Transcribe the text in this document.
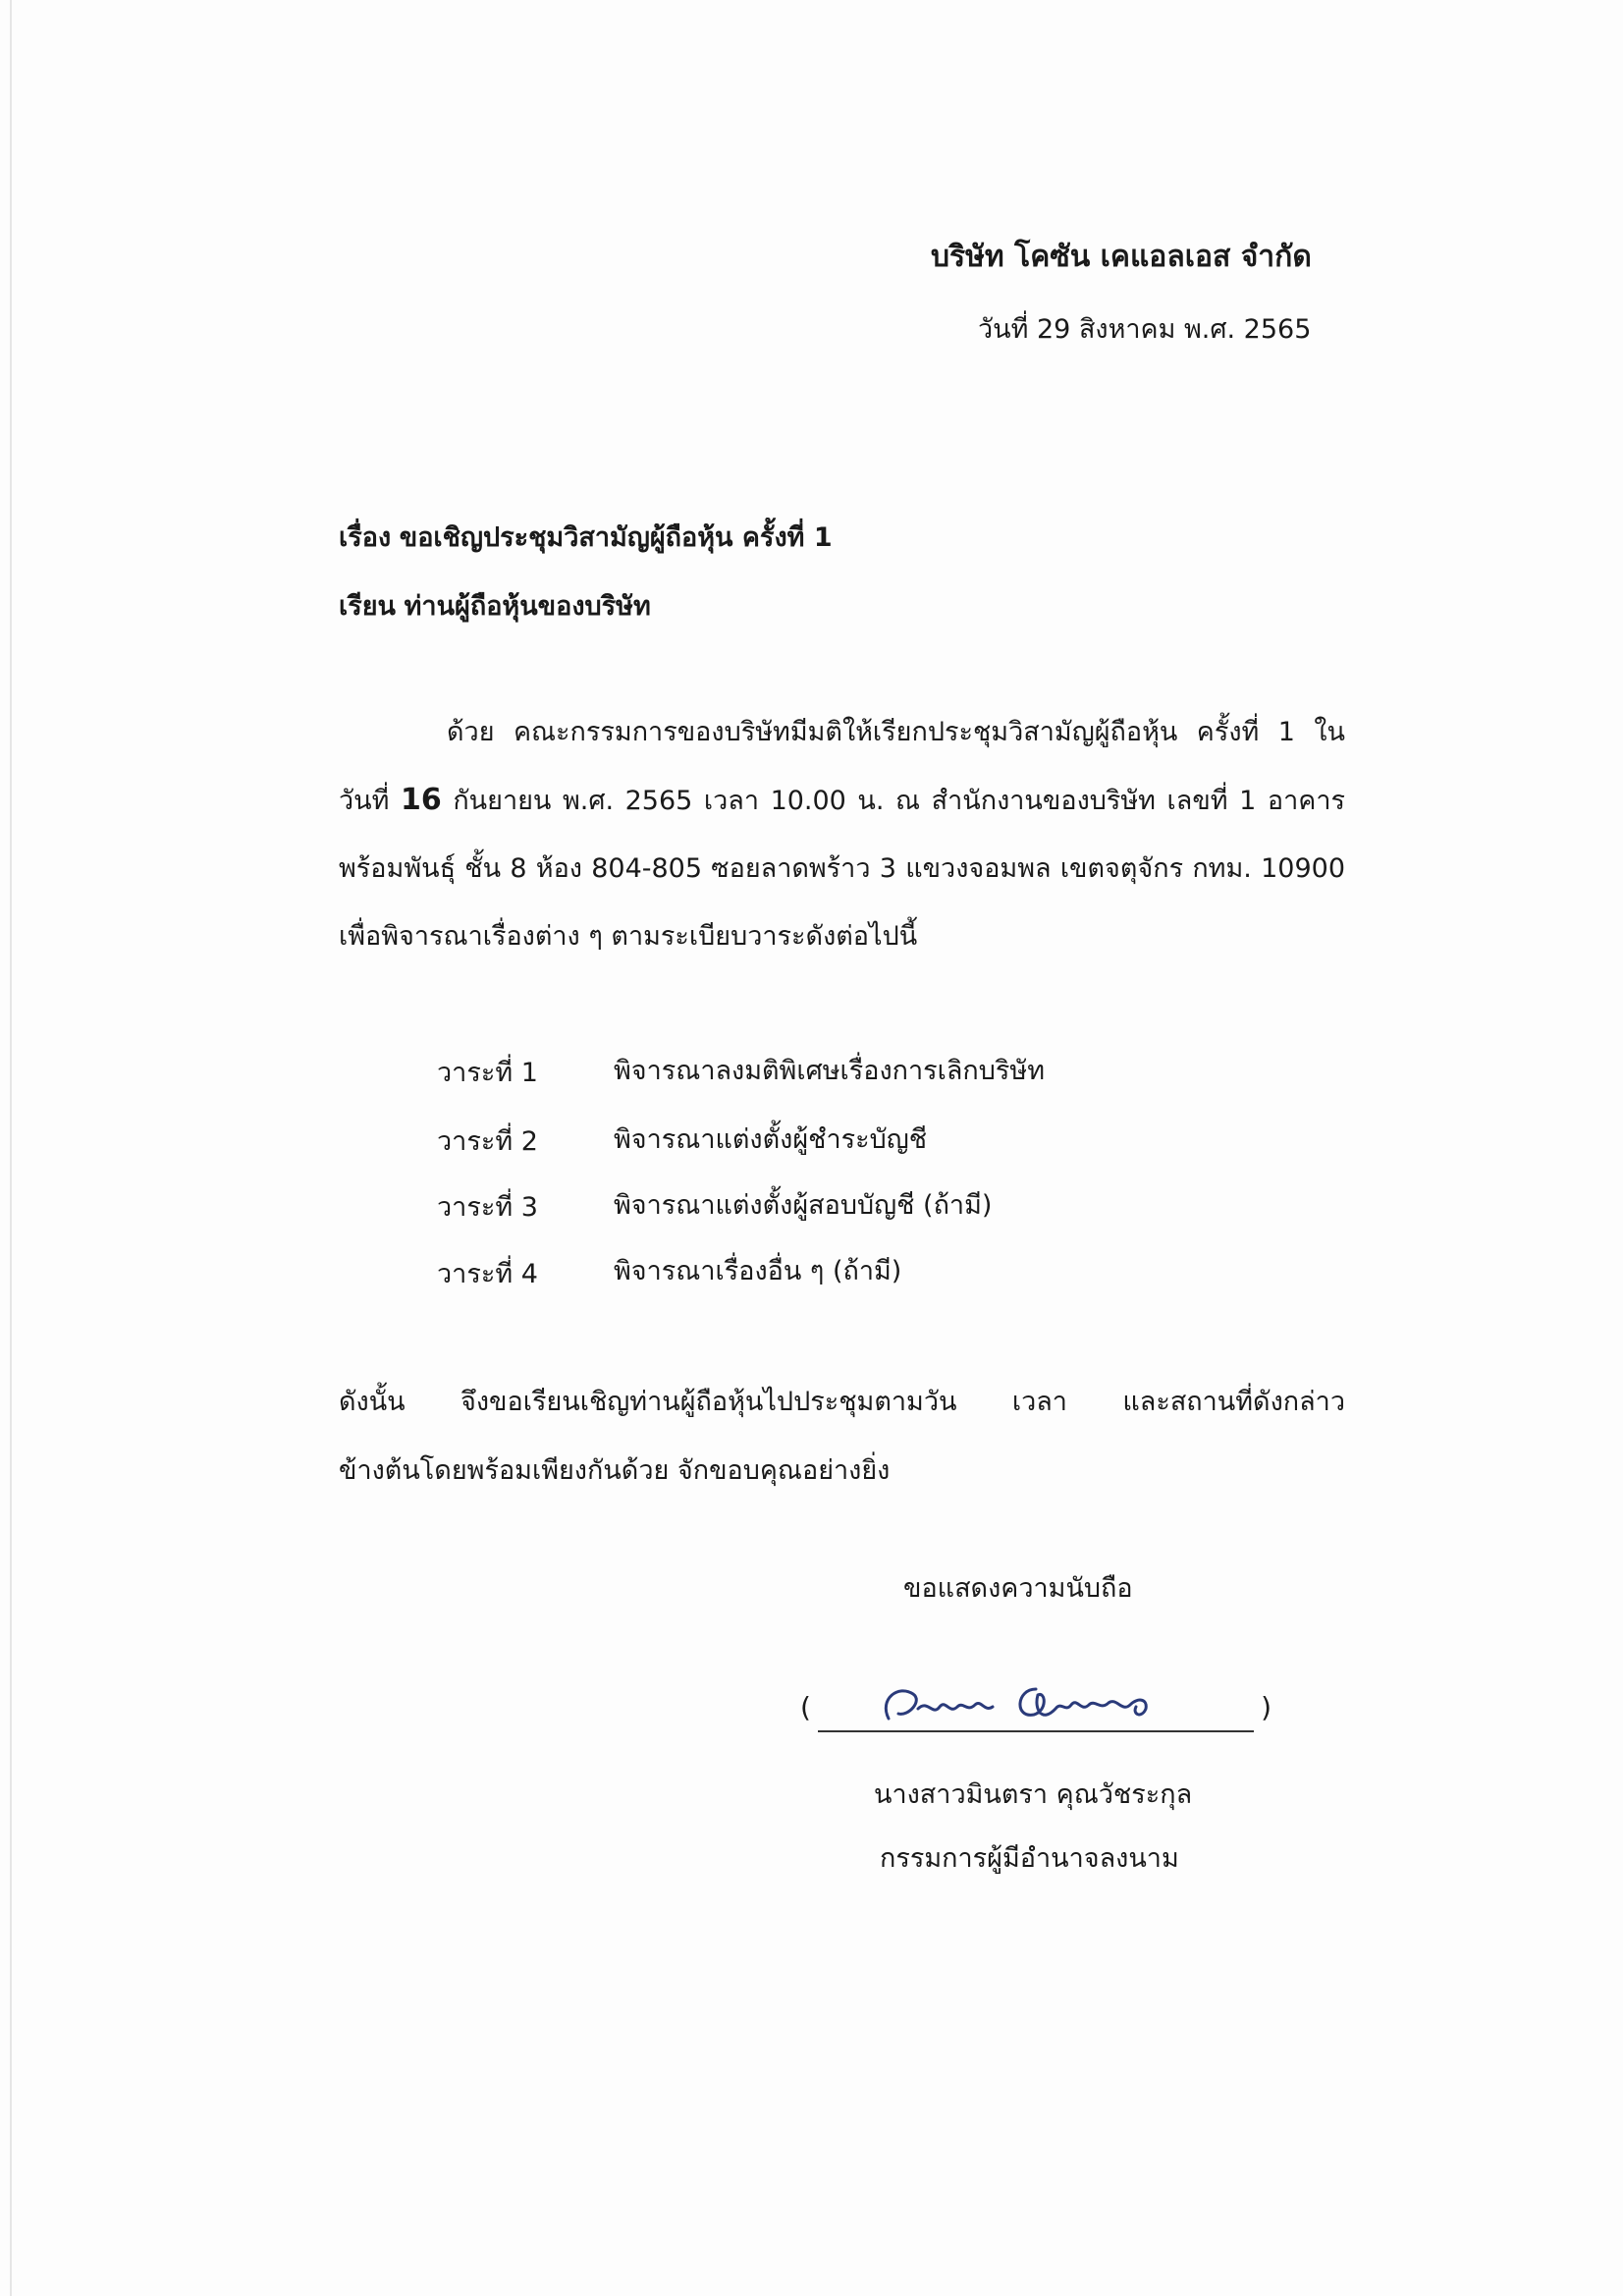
บริษัท โคซัน เคแอลเอส จำกัด
วันที่ 29 สิงหาคม พ.ศ. 2565
เรื่อง ขอเชิญประชุมวิสามัญผู้ถือหุ้น ครั้งที่ 1
เรียน ท่านผู้ถือหุ้นของบริษัท
ด้วย คณะกรรมการของบริษัทมีมติให้เรียกประชุมวิสามัญผู้ถือหุ้น ครั้งที่ 1 ใน
วันที่ 16 กันยายน พ.ศ. 2565 เวลา 10.00 น. ณ สำนักงานของบริษัท เลขที่ 1 อาคาร
พร้อมพันธุ์ ชั้น 8 ห้อง 804-805 ซอยลาดพร้าว 3 แขวงจอมพล เขตจตุจักร กทม. 10900
เพื่อพิจารณาเรื่องต่าง ๆ ตามระเบียบวาระดังต่อไปนี้
วาระที่ 1	พิจารณาลงมติพิเศษเรื่องการเลิกบริษัท
วาระที่ 2	พิจารณาแต่งตั้งผู้ชำระบัญชี
วาระที่ 3	พิจารณาแต่งตั้งผู้สอบบัญชี (ถ้ามี)
วาระที่ 4	พิจารณาเรื่องอื่น ๆ (ถ้ามี)
ดังนั้น จึงขอเรียนเชิญท่านผู้ถือหุ้นไปประชุมตามวัน เวลา และสถานที่ดังกล่าว
ข้างต้นโดยพร้อมเพียงกันด้วย จักขอบคุณอย่างยิ่ง
ขอแสดงความนับถือ
(	)
นางสาวมินตรา คุณวัชระกุล
กรรมการผู้มีอำนาจลงนาม
